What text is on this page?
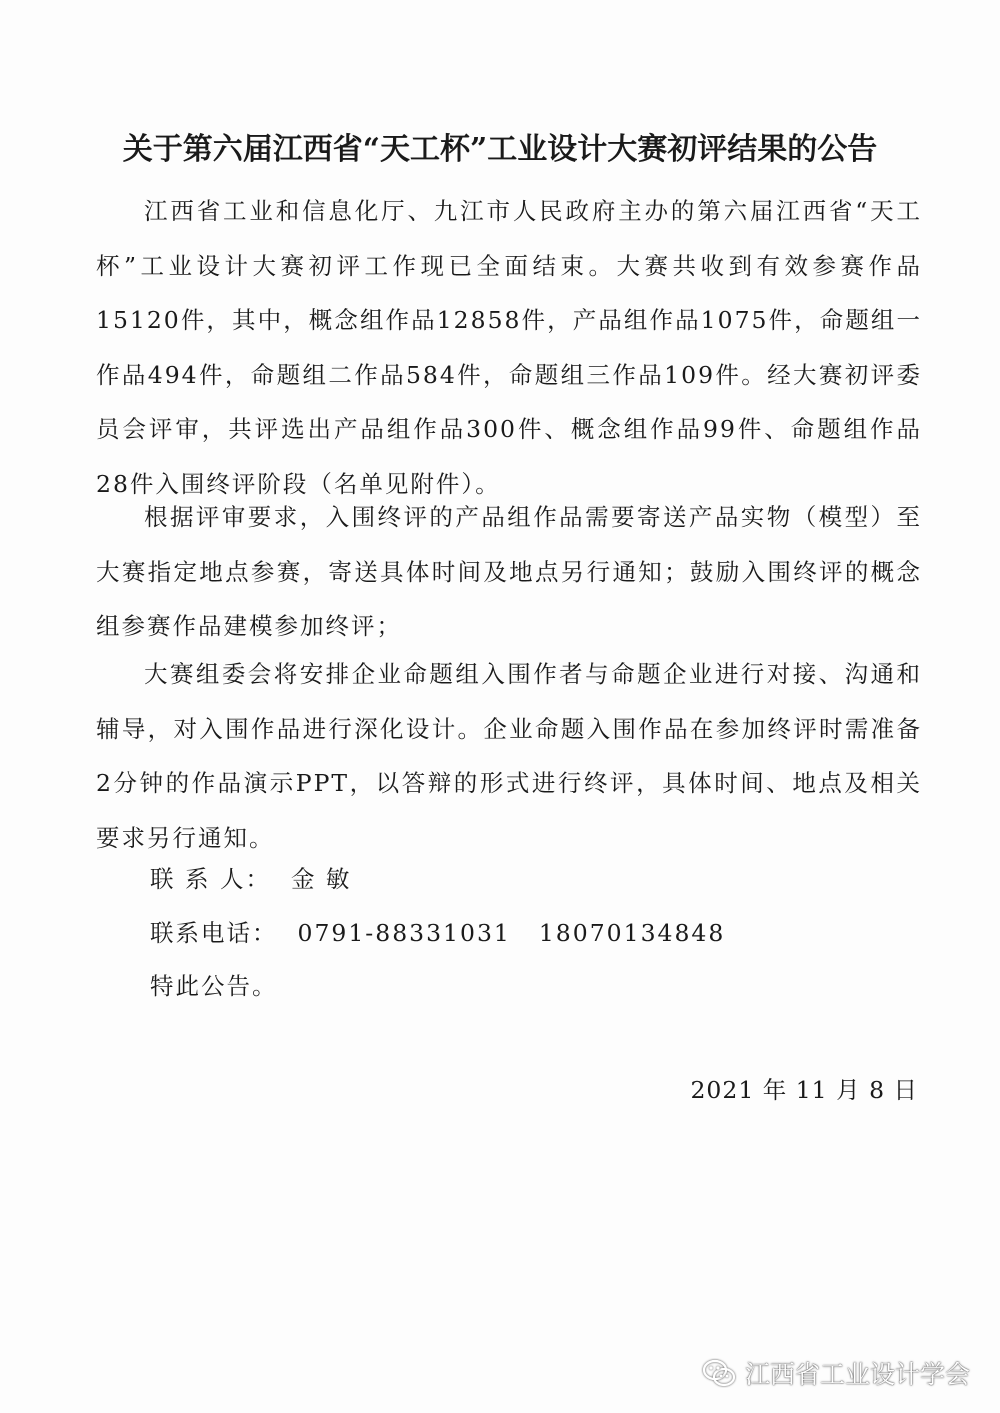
关于第六届江西省“天工杯”工业设计大赛初评结果的公告

江西省工业和信息化厅、九江市人民政府主办的第六届江西省“天工杯”工业设计大赛初评工作现已全面结束。大赛共收到有效参赛作品15120件，其中，概念组作品12858件，产品组作品1075件，命题组一作品494件，命题组二作品584件，命题组三作品109件。经大赛初评委员会评审，共评选出产品组作品300件、概念组作品99件、命题组作品28件入围终评阶段（名单见附件）。

根据评审要求，入围终评的产品组作品需要寄送产品实物（模型）至大赛指定地点参赛，寄送具体时间及地点另行通知；鼓励入围终评的概念组参赛作品建模参加终评；

大赛组委会将安排企业命题组入围作者与命题企业进行对接、沟通和辅导，对入围作品进行深化设计。企业命题入围作品在参加终评时需准备2分钟的作品演示PPT，以答辩的形式进行终评，具体时间、地点及相关要求另行通知。

联 系 人： 金 敏
联系电话： 0791-88331031 18070134848
特此公告。
2021 年 11 月 8 日
江西省工业设计学会
